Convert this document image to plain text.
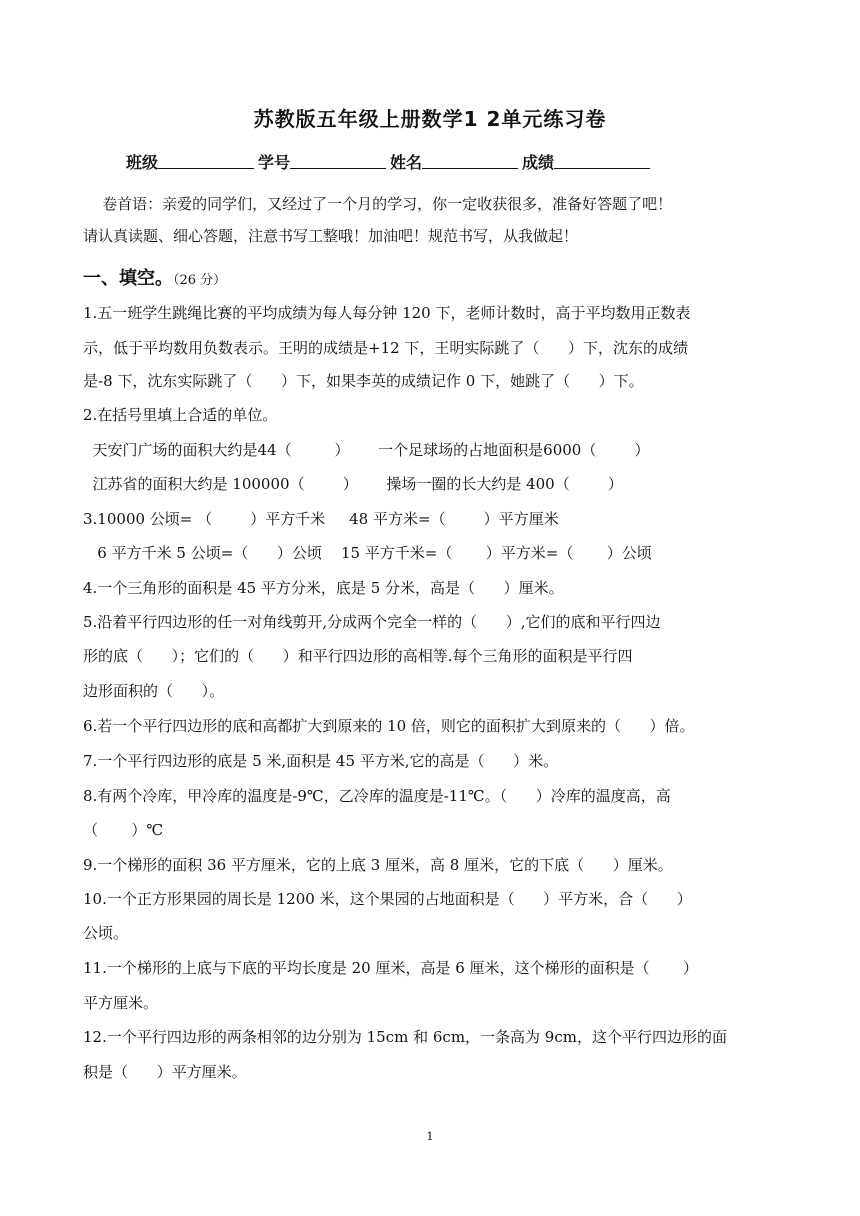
苏教版五年级上册数学1 2单元练习卷
班级	学号	姓名	成绩
卷首语：亲爱的同学们，又经过了一个月的学习，你一定收获很多，准备好答题了吧！
请认真读题、细心答题，注意书写工整哦！加油吧！规范书写，从我做起！
一、填空。（26 分）
1.五一班学生跳绳比赛的平均成绩为每人每分钟 120 下，老师计数时，高于平均数用正数表
示，低于平均数用负数表示。王明的成绩是+12 下，王明实际跳了（      ）下，沈东的成绩
是-8 下，沈东实际跳了（      ）下，如果李英的成绩记作 0 下，她跳了（      ）下。
2.在括号里填上合适的单位。
天安门广场的面积大约是44（         ）      一个足球场的占地面积是6000（        ）
江苏省的面积大约是 100000（        ）      操场一圈的长大约是 400（        ）
3.10000 公顷= （        ）平方千米     48 平方米=（        ）平方厘米
6 平方千米 5 公顷=（      ）公顷    15 平方千米=（       ）平方米=（       ）公顷
4.一个三角形的面积是 45 平方分米，底是 5 分米，高是（      ）厘米。
5.沿着平行四边形的任一对角线剪开,分成两个完全一样的（      ）,它们的底和平行四边
形的底（      ）；它们的（      ）和平行四边形的高相等.每个三角形的面积是平行四
边形面积的（      ）。
6.若一个平行四边形的底和高都扩大到原来的 10 倍，则它的面积扩大到原来的（      ）倍。
7.一个平行四边形的底是 5 米,面积是 45 平方米,它的高是（      ）米。
8.有两个冷库，甲冷库的温度是-9℃，乙冷库的温度是-11℃。（      ）冷库的温度高，高
（       ）℃
9.一个梯形的面积 36 平方厘米，它的上底 3 厘米，高 8 厘米，它的下底（      ）厘米。
10.一个正方形果园的周长是 1200 米，这个果园的占地面积是（      ）平方米，合（      ）
公顷。
11.一个梯形的上底与下底的平均长度是 20 厘米，高是 6 厘米，这个梯形的面积是（       ）
平方厘米。
12.一个平行四边形的两条相邻的边分别为 15cm 和 6cm，一条高为 9cm，这个平行四边形的面
积是（      ）平方厘米。
1
